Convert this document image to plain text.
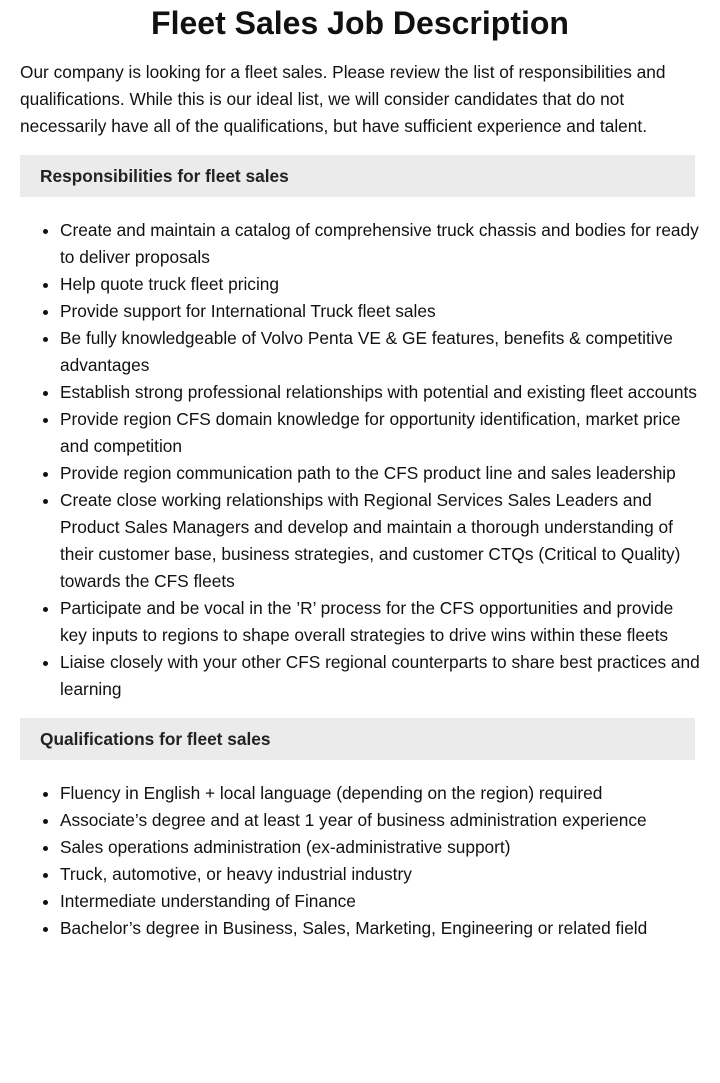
Fleet Sales Job Description

Our company is looking for a fleet sales. Please review the list of responsibilities and qualifications. While this is our ideal list, we will consider candidates that do not necessarily have all of the qualifications, but have sufficient experience and talent.

Responsibilities for fleet sales
• Create and maintain a catalog of comprehensive truck chassis and bodies for ready to deliver proposals
• Help quote truck fleet pricing
• Provide support for International Truck fleet sales
• Be fully knowledgeable of Volvo Penta VE & GE features, benefits & competitive advantages
• Establish strong professional relationships with potential and existing fleet accounts
• Provide region CFS domain knowledge for opportunity identification, market price and competition
• Provide region communication path to the CFS product line and sales leadership
• Create close working relationships with Regional Services Sales Leaders and Product Sales Managers and develop and maintain a thorough understanding of their customer base, business strategies, and customer CTQs (Critical to Quality) towards the CFS fleets
• Participate and be vocal in the ’R’ process for the CFS opportunities and provide key inputs to regions to shape overall strategies to drive wins within these fleets
• Liaise closely with your other CFS regional counterparts to share best practices and learning
Qualifications for fleet sales
• Fluency in English + local language (depending on the region) required
• Associate’s degree and at least 1 year of business administration experience
• Sales operations administration (ex-administrative support)
• Truck, automotive, or heavy industrial industry
• Intermediate understanding of Finance
• Bachelor’s degree in Business, Sales, Marketing, Engineering or related field
